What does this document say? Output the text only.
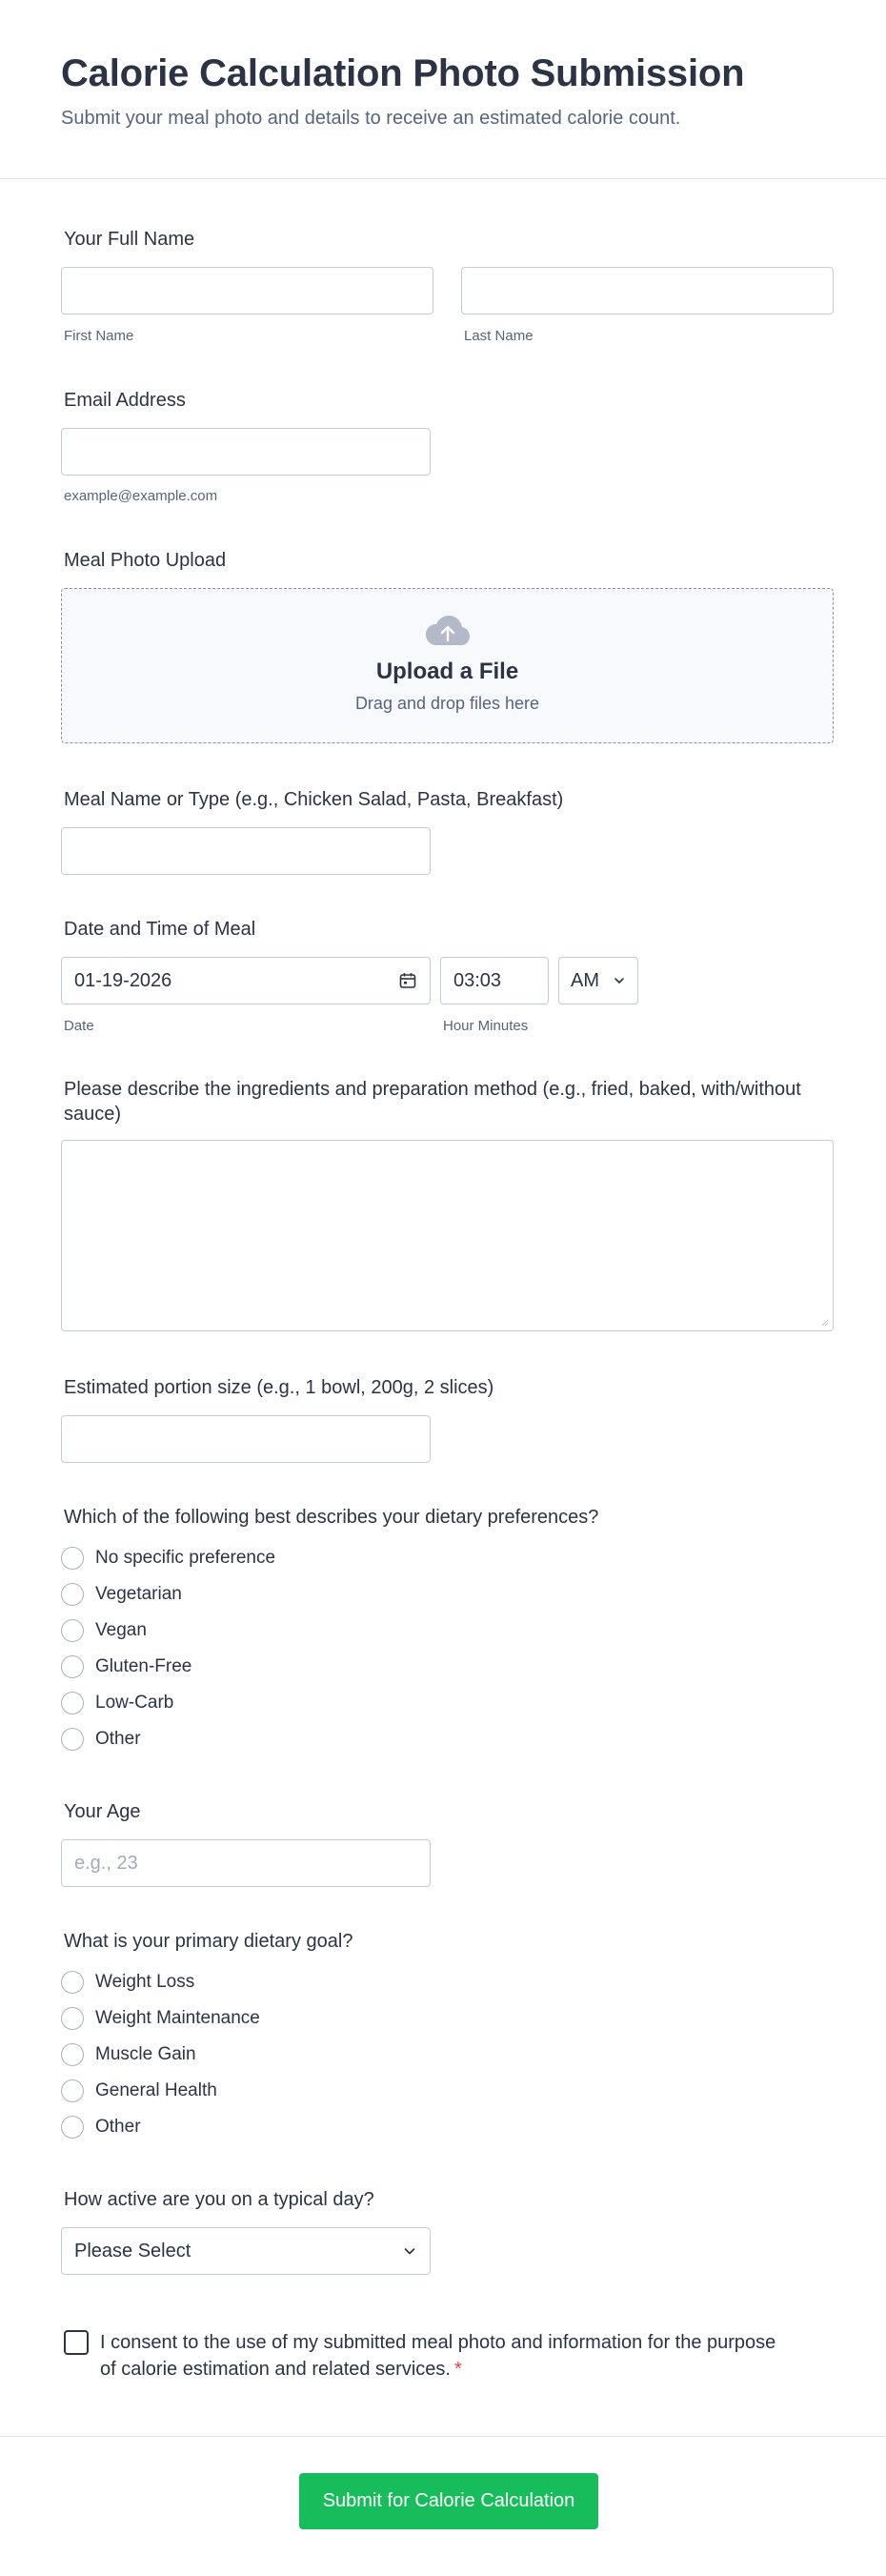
Calorie Calculation Photo Submission

Submit your meal photo and details to receive an estimated calorie count.

Your Full Name
First Name	Last Name
Email Address
example@example.com
Meal Photo Upload
Upload a File
Drag and drop files here
Meal Name or Type (e.g., Chicken Salad, Pasta, Breakfast)
Date and Time of Meal
01-19-2026
03:03	AM
Date	Hour Minutes
Please describe the ingredients and preparation method (e.g., fried, baked, with/without sauce)
Estimated portion size (e.g., 1 bowl, 200g, 2 slices)
Which of the following best describes your dietary preferences?
No specific preference
Vegetarian
Vegan
Gluten-Free
Low-Carb
Other
Your Age
e.g., 23
What is your primary dietary goal?
Weight Loss
Weight Maintenance
Muscle Gain
General Health
Other
How active are you on a typical day?
Please Select
I consent to the use of my submitted meal photo and information for the purpose of calorie estimation and related services. *
Submit for Calorie Calculation
